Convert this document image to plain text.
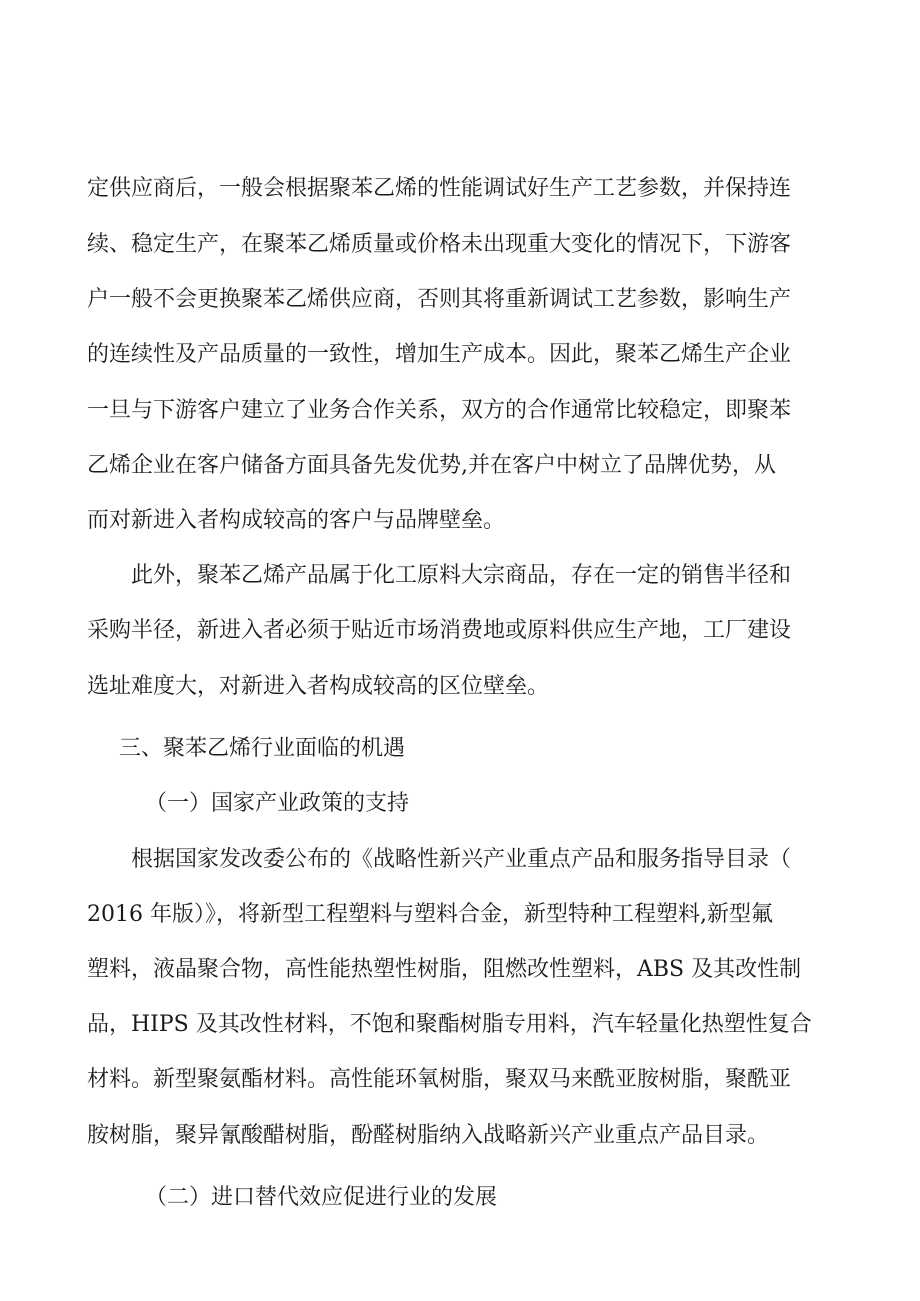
定供应商后，一般会根据聚苯乙烯的性能调试好生产工艺参数，并保持连
续、稳定生产，在聚苯乙烯质量或价格未出现重大变化的情况下，下游客
户一般不会更换聚苯乙烯供应商，否则其将重新调试工艺参数，影响生产
的连续性及产品质量的一致性，增加生产成本。因此，聚苯乙烯生产企业
一旦与下游客户建立了业务合作关系，双方的合作通常比较稳定，即聚苯
乙烯企业在客户储备方面具备先发优势,并在客户中树立了品牌优势，从
而对新进入者构成较高的客户与品牌壁垒。
此外，聚苯乙烯产品属于化工原料大宗商品，存在一定的销售半径和
采购半径，新进入者必须于贴近市场消费地或原料供应生产地，工厂建设
选址难度大，对新进入者构成较高的区位壁垒。
三、聚苯乙烯行业面临的机遇
（一）国家产业政策的支持
根据国家发改委公布的《战略性新兴产业重点产品和服务指导目录（
2016 年版）》，将新型工程塑料与塑料合金，新型特种工程塑料,新型氟
塑料，液晶聚合物，高性能热塑性树脂，阻燃改性塑料，ABS 及其改性制
品，HIPS 及其改性材料，不饱和聚酯树脂专用料，汽车轻量化热塑性复合
材料。新型聚氨酯材料。高性能环氧树脂，聚双马来酰亚胺树脂，聚酰亚
胺树脂，聚异氰酸醋树脂，酚醛树脂纳入战略新兴产业重点产品目录。
（二）进口替代效应促进行业的发展
